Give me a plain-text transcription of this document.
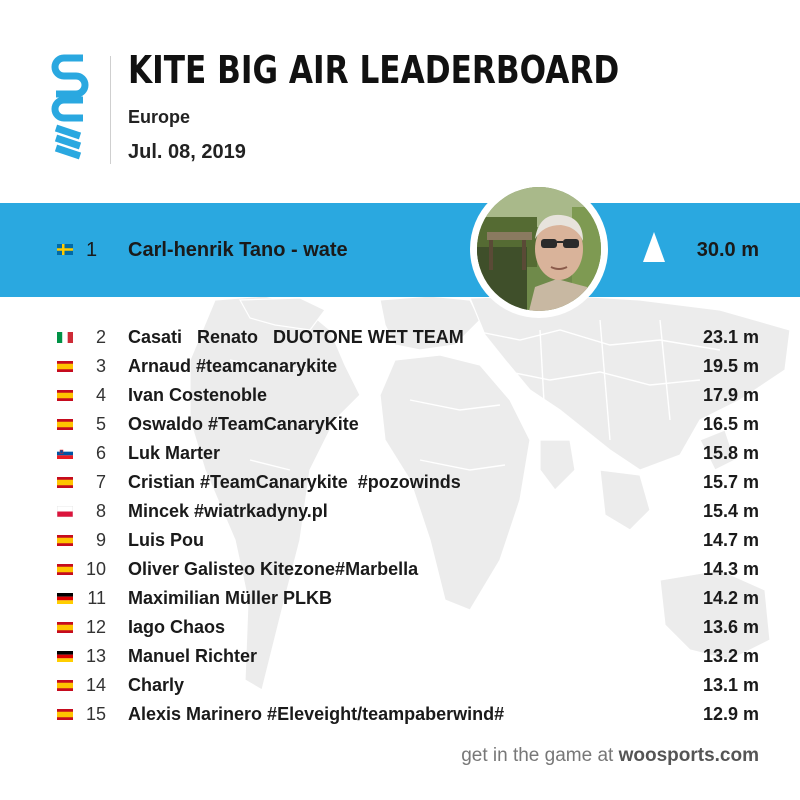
KITE BIG AIR LEADERBOARD
Europe
Jul. 08, 2019
1	Carl-henrik Tano - wate	30.0 m
2 Casati   Renato   DUOTONE WET TEAM	23.1 m
3 Arnaud #teamcanarykite	19.5 m
4 Ivan Costenoble	17.9 m
5 Oswaldo #TeamCanaryKite	16.5 m
6 Luk Marter	15.8 m
7 Cristian #TeamCanarykite  #pozowinds	15.7 m
8 Mincek #wiatrkadyny.pl	15.4 m
9 Luis Pou	14.7 m
10 Oliver Galisteo Kitezone#Marbella	14.3 m
11 Maximilian Müller PLKB	14.2 m
12 Iago Chaos	13.6 m
13 Manuel Richter	13.2 m
14 Charly	13.1 m
15 Alexis Marinero #Eleveight/teampaberwind#	12.9 m
get in the game at woosports.com
